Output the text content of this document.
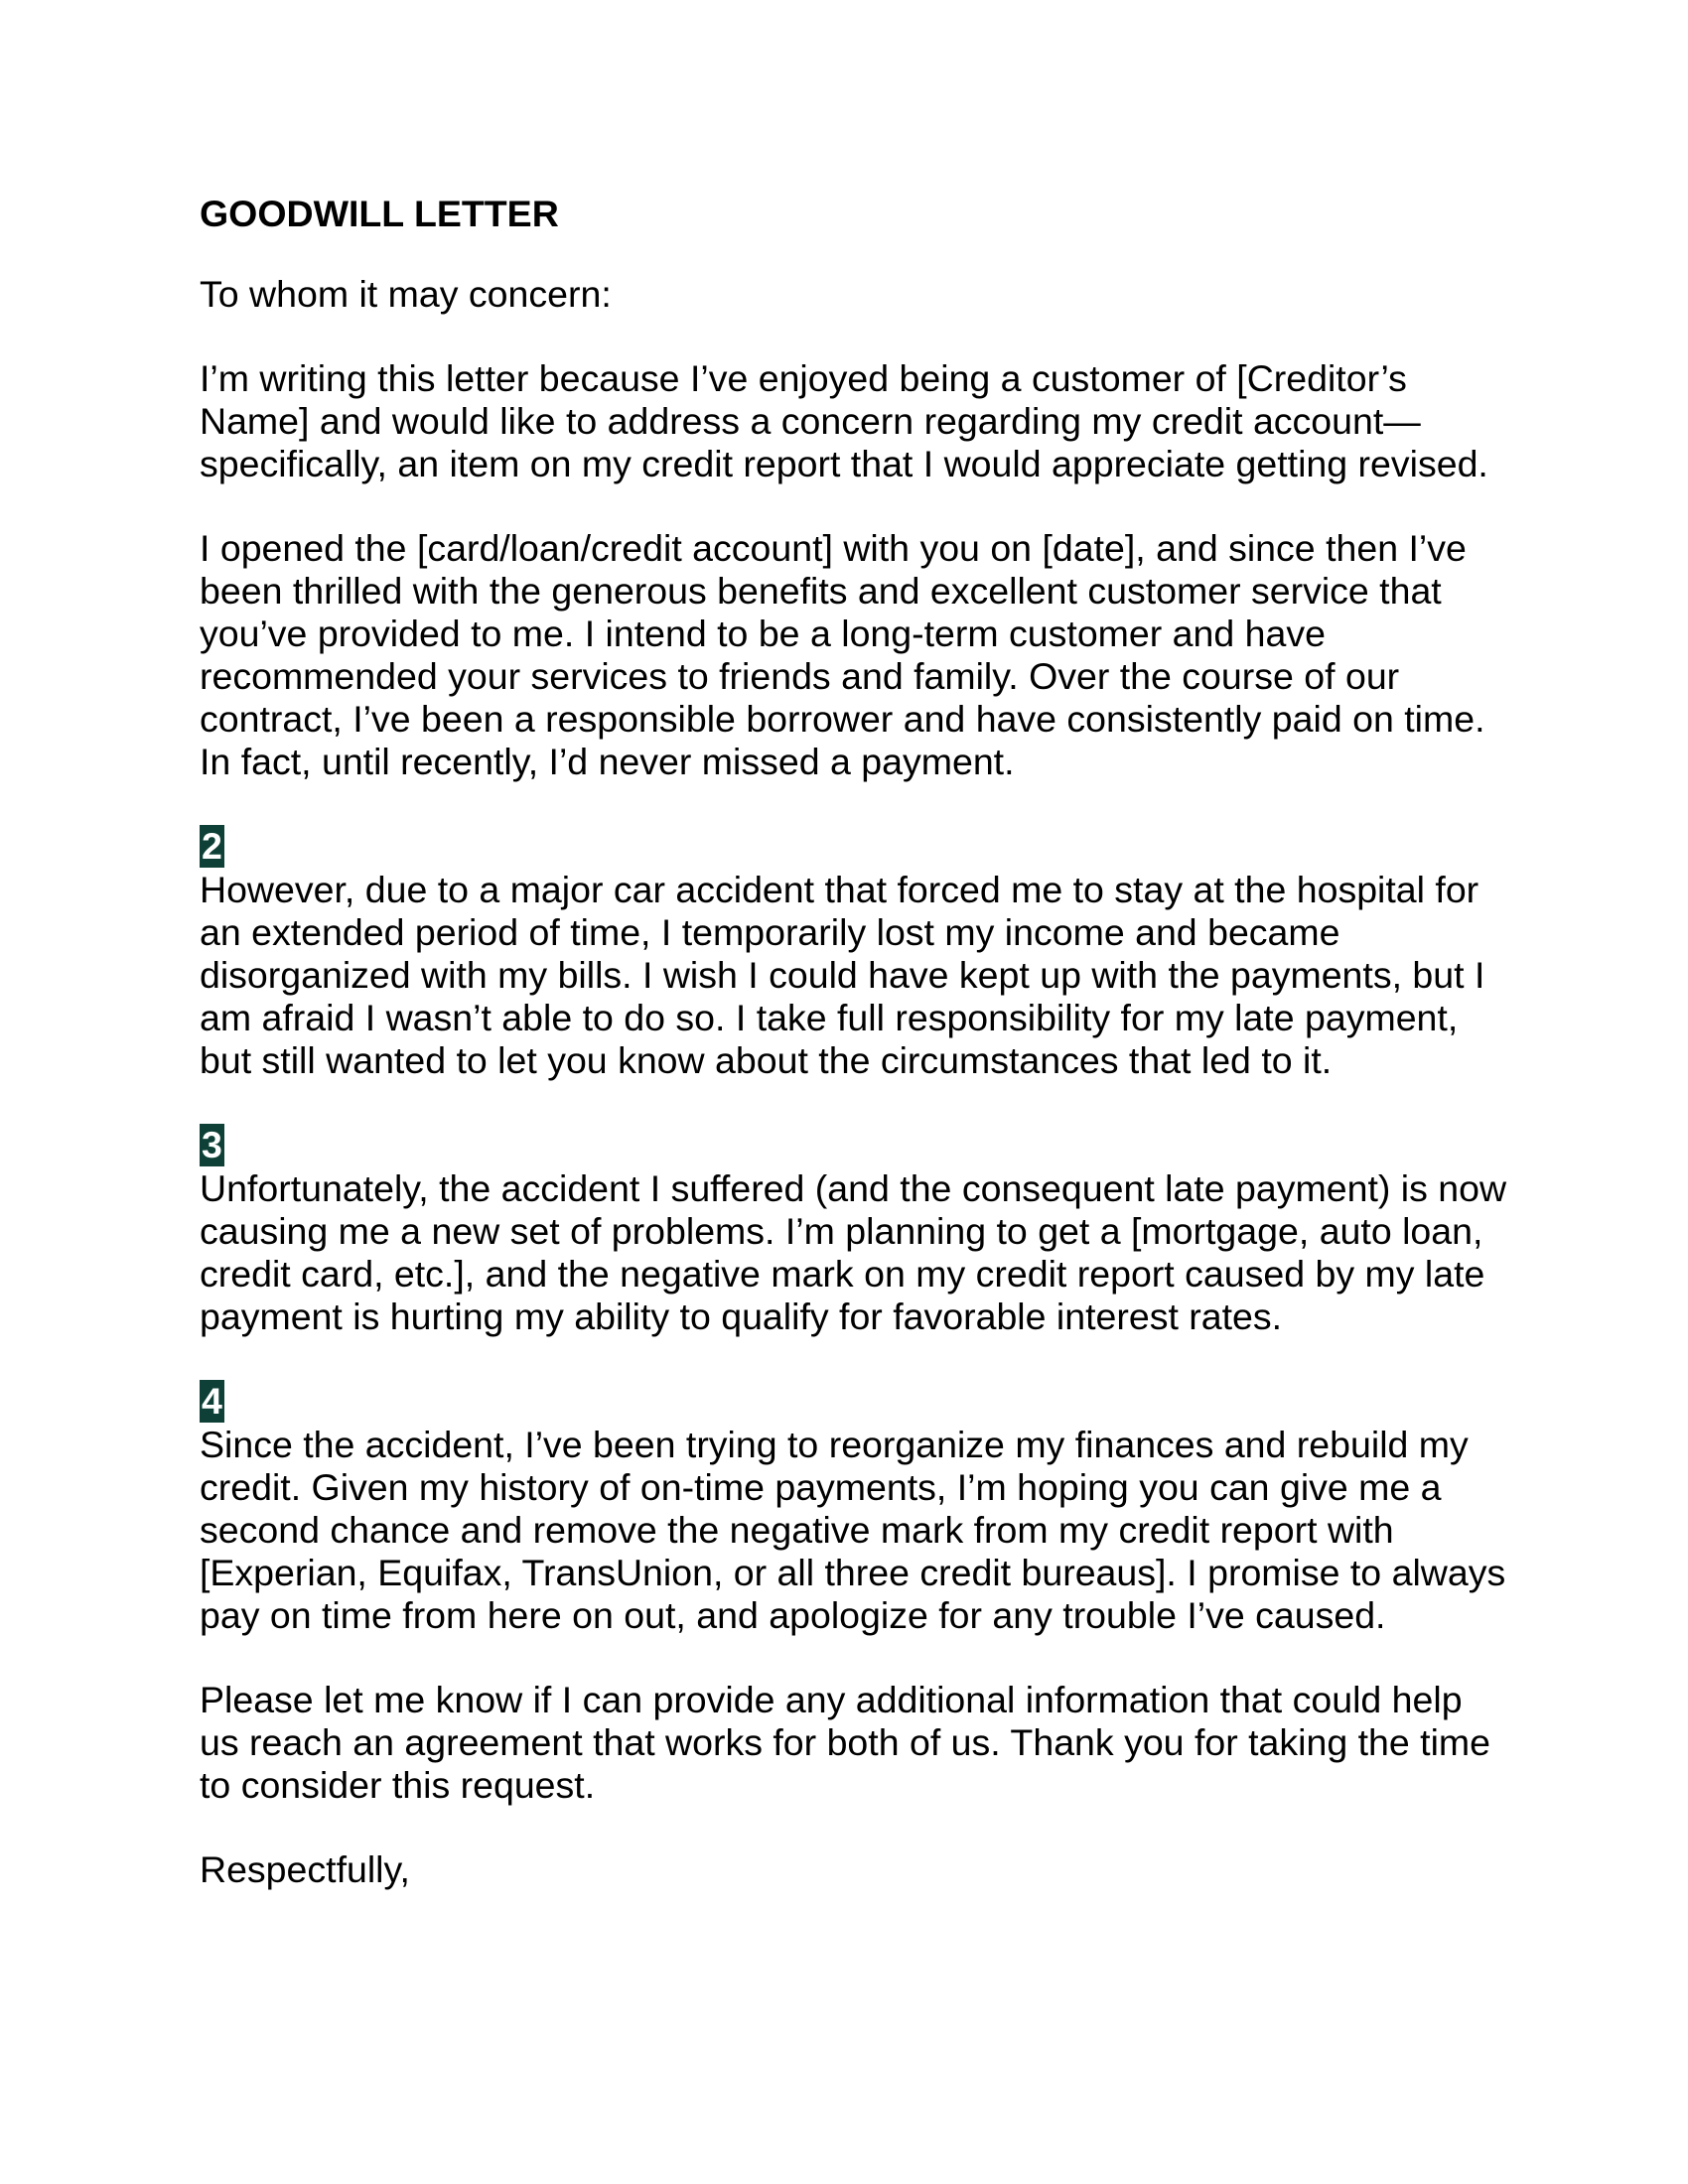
GOODWILL LETTER
To whom it may concern:
I’m writing this letter because I’ve enjoyed being a customer of [Creditor’s Name] and would like to address a concern regarding my credit account—specifically, an item on my credit report that I would appreciate getting revised.
I opened the [card/loan/credit account] with you on [date], and since then I’ve been thrilled with the generous benefits and excellent customer service that you’ve provided to me. I intend to be a long-term customer and have recommended your services to friends and family. Over the course of our contract, I’ve been a responsible borrower and have consistently paid on time. In fact, until recently, I’d never missed a payment.
2
However, due to a major car accident that forced me to stay at the hospital for an extended period of time, I temporarily lost my income and became disorganized with my bills. I wish I could have kept up with the payments, but I am afraid I wasn’t able to do so. I take full responsibility for my late payment, but still wanted to let you know about the circumstances that led to it.
3
Unfortunately, the accident I suffered (and the consequent late payment) is now causing me a new set of problems. I’m planning to get a [mortgage, auto loan, credit card, etc.], and the negative mark on my credit report caused by my late payment is hurting my ability to qualify for favorable interest rates.
4
Since the accident, I’ve been trying to reorganize my finances and rebuild my credit. Given my history of on-time payments, I’m hoping you can give me a second chance and remove the negative mark from my credit report with [Experian, Equifax, TransUnion, or all three credit bureaus]. I promise to always pay on time from here on out, and apologize for any trouble I’ve caused.
Please let me know if I can provide any additional information that could help us reach an agreement that works for both of us. Thank you for taking the time to consider this request.
Respectfully,
